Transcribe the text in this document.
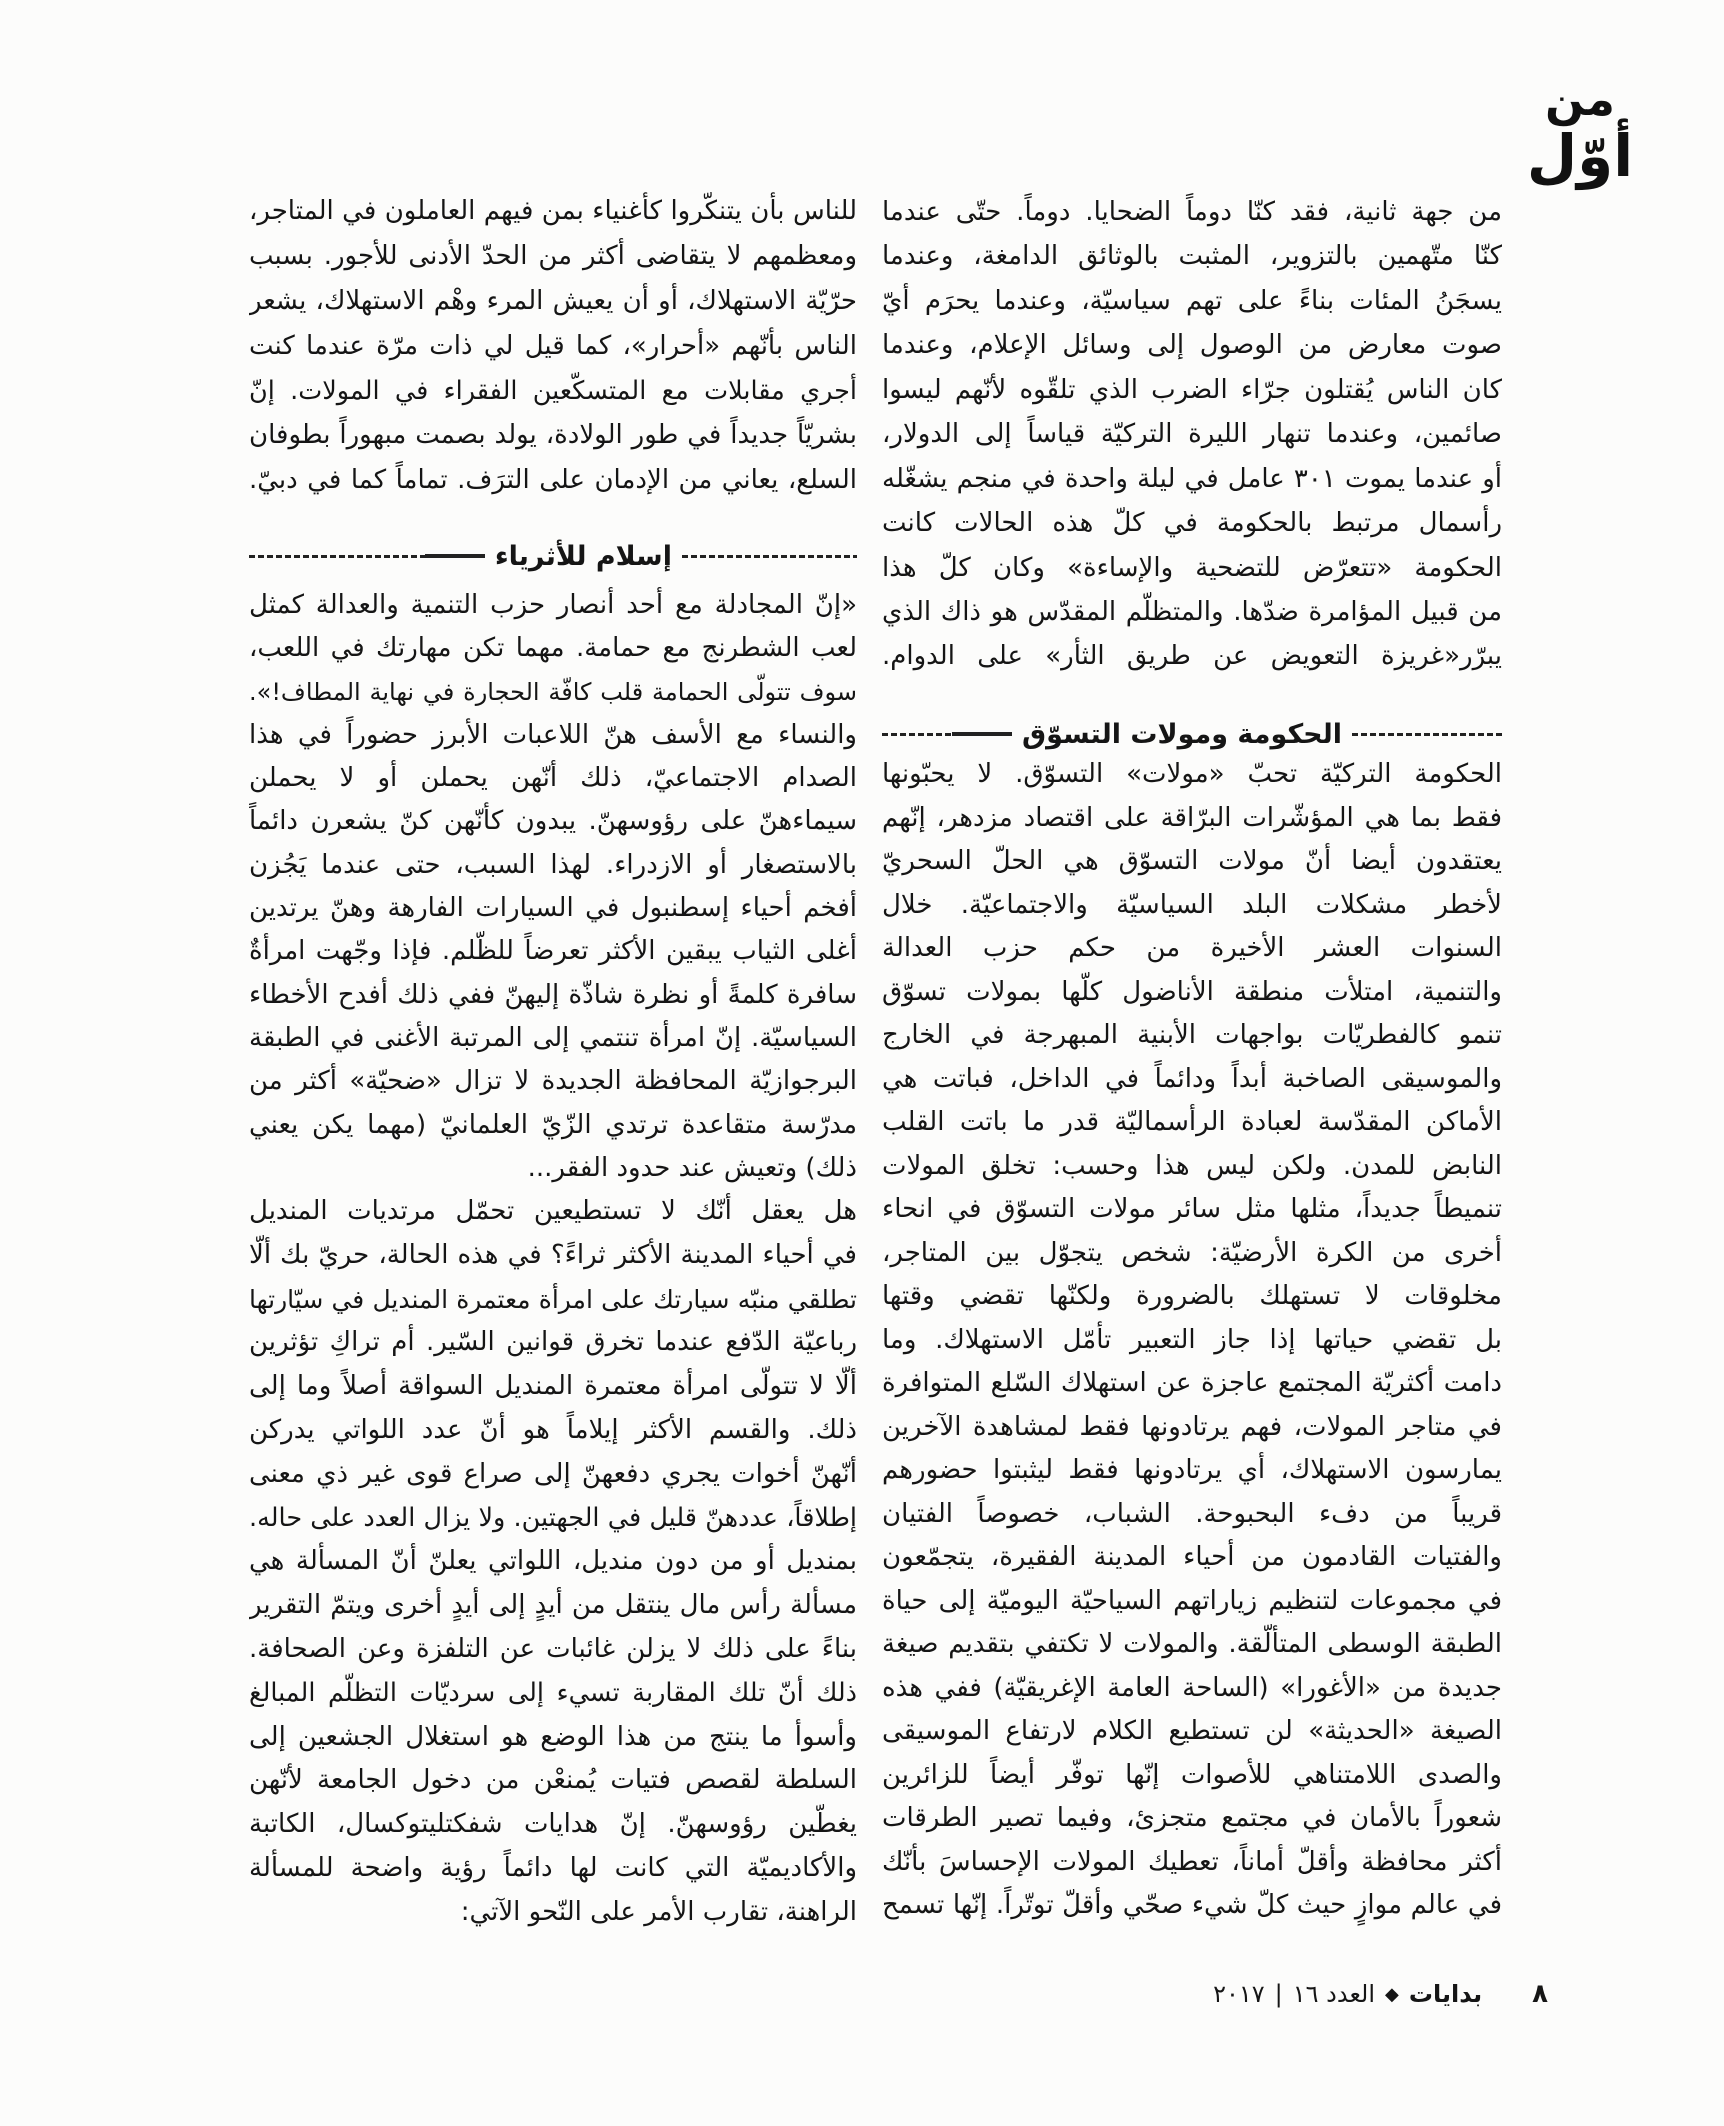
من
أوّل
من جهة ثانية، فقد كنّا دوماً الضحايا. دوماً. حتّى عندما
كنّا متّهمين بالتزوير، المثبت بالوثائق الدامغة، وعندما
يسجَنُ المئات بناءً على تهم سياسيّة، وعندما يحرَم أيّ
صوت معارض من الوصول إلى وسائل الإعلام، وعندما
كان الناس يُقتلون جرّاء الضرب الذي تلقّوه لأنّهم ليسوا
صائمين، وعندما تنهار الليرة التركيّة قياساً إلى الدولار،
أو عندما يموت ٣٠١ عامل في ليلة واحدة في منجم يشغّله
رأسمال مرتبط بالحكومة في كلّ هذه الحالات كانت
الحكومة «تتعرّض للتضحية والإساءة» وكان كلّ هذا
من قبيل المؤامرة ضدّها. والمتظلّم المقدّس هو ذاك الذي
يبرّر«غريزة التعويض عن طريق الثأر» على الدوام.
الحكومة ومولات التسوّق
الحكومة التركيّة تحبّ «مولات» التسوّق. لا يحبّونها
فقط بما هي المؤشّرات البرّاقة على اقتصاد مزدهر، إنّهم
يعتقدون أيضا أنّ مولات التسوّق هي الحلّ السحريّ
لأخطر مشكلات البلد السياسيّة والاجتماعيّة. خلال
السنوات العشر الأخيرة من حكم حزب العدالة
والتنمية، امتلأت منطقة الأناضول كلّها بمولات تسوّق
تنمو كالفطريّات بواجهات الأبنية المبهرجة في الخارج
والموسيقى الصاخبة أبداً ودائماً في الداخل، فباتت هي
الأماكن المقدّسة لعبادة الرأسماليّة قدر ما باتت القلب
النابض للمدن. ولكن ليس هذا وحسب: تخلق المولات
تنميطاً جديداً، مثلها مثل سائر مولات التسوّق في انحاء
أخرى من الكرة الأرضيّة: شخص يتجوّل بين المتاجر،
مخلوقات لا تستهلك بالضرورة ولكنّها تقضي وقتها
بل تقضي حياتها إذا جاز التعبير تأمّل الاستهلاك. وما
دامت أكثريّة المجتمع عاجزة عن استهلاك السّلع المتوافرة
في متاجر المولات، فهم يرتادونها فقط لمشاهدة الآخرين
يمارسون الاستهلاك، أي يرتادونها فقط ليثبتوا حضورهم
قريباً من دفء البحبوحة. الشباب، خصوصاً الفتيان
والفتيات القادمون من أحياء المدينة الفقيرة، يتجمّعون
في مجموعات لتنظيم زياراتهم السياحيّة اليوميّة إلى حياة
الطبقة الوسطى المتألّقة. والمولات لا تكتفي بتقديم صيغة
جديدة من «الأغورا» (الساحة العامة الإغريقيّة) ففي هذه
الصيغة «الحديثة» لن تستطيع الكلام لارتفاع الموسيقى
والصدى اللامتناهي للأصوات إنّها توفّر أيضاً للزائرين
شعوراً بالأمان في مجتمع متجزئ، وفيما تصير الطرقات
أكثر محافظة وأقلّ أماناً، تعطيك المولات الإحساسَ بأنّك
في عالم موازٍ حيث كلّ شيء صحّي وأقلّ توتّراً. إنّها تسمح
للناس بأن يتنكّروا كأغنياء بمن فيهم العاملون في المتاجر،
ومعظمهم لا يتقاضى أكثر من الحدّ الأدنى للأجور. بسبب
حرّيّة الاستهلاك، أو أن يعيش المرء وهْم الاستهلاك، يشعر
الناس بأنّهم «أحرار»، كما قيل لي ذات مرّة عندما كنت
أجري مقابلات مع المتسكّعين الفقراء في المولات. إنّ
بشريّاً جديداً في طور الولادة، يولد بصمت مبهوراً بطوفان
السلع، يعاني من الإدمان على الترَف. تماماً كما في دبيّ.
إسلام للأثرياء
«إنّ المجادلة مع أحد أنصار حزب التنمية والعدالة كمثل
لعب الشطرنج مع حمامة. مهما تكن مهارتك في اللعب،
سوف تتولّى الحمامة قلب كافّة الحجارة في نهاية المطاف!».
والنساء مع الأسف هنّ اللاعبات الأبرز حضوراً في هذا
الصدام الاجتماعيّ، ذلك أنّهن يحملن أو لا يحملن
سيماءهنّ على رؤوسهنّ. يبدون كأنّهن كنّ يشعرن دائماً
بالاستصغار أو الازدراء. لهذا السبب، حتى عندما يَجُزن
أفخم أحياء إسطنبول في السيارات الفارهة وهنّ يرتدين
أغلى الثياب يبقين الأكثر تعرضاً للظّلم. فإذا وجّهت امرأةٌ
سافرة كلمةً أو نظرة شاذّة إليهنّ ففي ذلك أفدح الأخطاء
السياسيّة. إنّ امرأة تنتمي إلى المرتبة الأغنى في الطبقة
البرجوازيّة المحافظة الجديدة لا تزال «ضحيّة» أكثر من
مدرّسة متقاعدة ترتدي الزّيّ العلمانيّ (مهما يكن يعني
ذلك) وتعيش عند حدود الفقر...
هل يعقل أنّك لا تستطيعين تحمّل مرتديات المنديل
في أحياء المدينة الأكثر ثراءً؟ في هذه الحالة، حريّ بك ألّا
تطلقي منبّه سيارتك على امرأة معتمرة المنديل في سيّارتها
رباعيّة الدّفع عندما تخرق قوانين السّير. أم تراكِ تؤثرين
ألّا لا تتولّى امرأة معتمرة المنديل السواقة أصلاً وما إلى
ذلك. والقسم الأكثر إيلاماً هو أنّ عدد اللواتي يدركن
أنّهنّ أخوات يجري دفعهنّ إلى صراع قوى غير ذي معنى
إطلاقاً، عددهنّ قليل في الجهتين. ولا يزال العدد على حاله.
بمنديل أو من دون منديل، اللواتي يعلنّ أنّ المسألة هي
مسألة رأس مال ينتقل من أيدٍ إلى أيدٍ أخرى ويتمّ التقرير
بناءً على ذلك لا يزلن غائبات عن التلفزة وعن الصحافة.
ذلك أنّ تلك المقاربة تسيء إلى سرديّات التظلّم المبالغ
وأسوأ ما ينتج من هذا الوضع هو استغلال الجشعين إلى
السلطة لقصص فتيات يُمنعْن من دخول الجامعة لأنّهن
يغطّين رؤوسهنّ. إنّ هدايات شفكتليتوكسال، الكاتبة
والأكاديميّة التي كانت لها دائماً رؤية واضحة للمسألة
الراهنة، تقارب الأمر على النّحو الآتي:
٨
بدايات
◆
العدد ١٦
|
٢٠١٧
